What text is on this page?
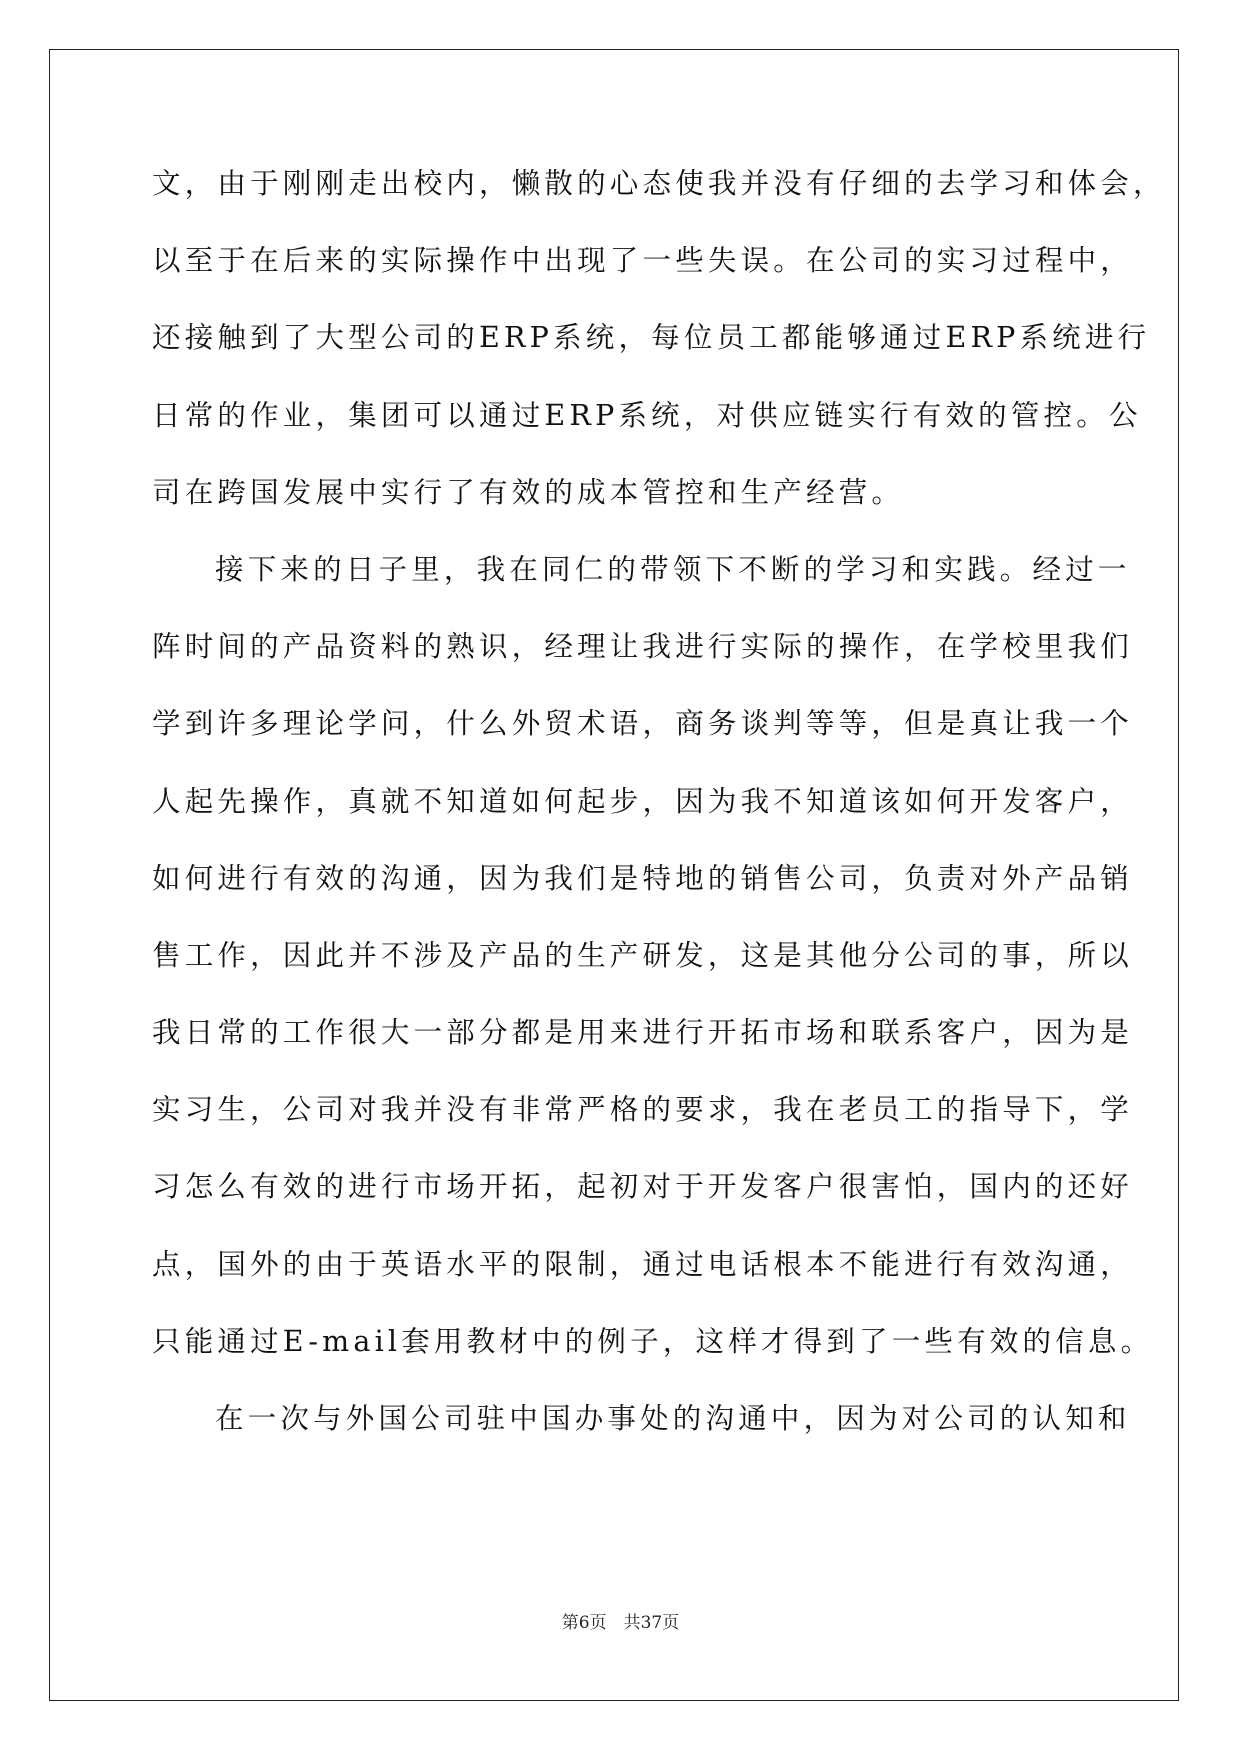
文，由于刚刚走出校内，懒散的心态使我并没有仔细的去学习和体会，
以至于在后来的实际操作中出现了一些失误。在公司的实习过程中，
还接触到了大型公司的ERP系统，每位员工都能够通过ERP系统进行
日常的作业，集团可以通过ERP系统，对供应链实行有效的管控。公
司在跨国发展中实行了有效的成本管控和生产经营。
接下来的日子里，我在同仁的带领下不断的学习和实践。经过一
阵时间的产品资料的熟识，经理让我进行实际的操作，在学校里我们
学到许多理论学问，什么外贸术语，商务谈判等等，但是真让我一个
人起先操作，真就不知道如何起步，因为我不知道该如何开发客户，
如何进行有效的沟通，因为我们是特地的销售公司，负责对外产品销
售工作，因此并不涉及产品的生产研发，这是其他分公司的事，所以
我日常的工作很大一部分都是用来进行开拓市场和联系客户，因为是
实习生，公司对我并没有非常严格的要求，我在老员工的指导下，学
习怎么有效的进行市场开拓，起初对于开发客户很害怕，国内的还好
点，国外的由于英语水平的限制，通过电话根本不能进行有效沟通，
只能通过E-mail套用教材中的例子，这样才得到了一些有效的信息。
在一次与外国公司驻中国办事处的沟通中，因为对公司的认知和
第6页　共37页
